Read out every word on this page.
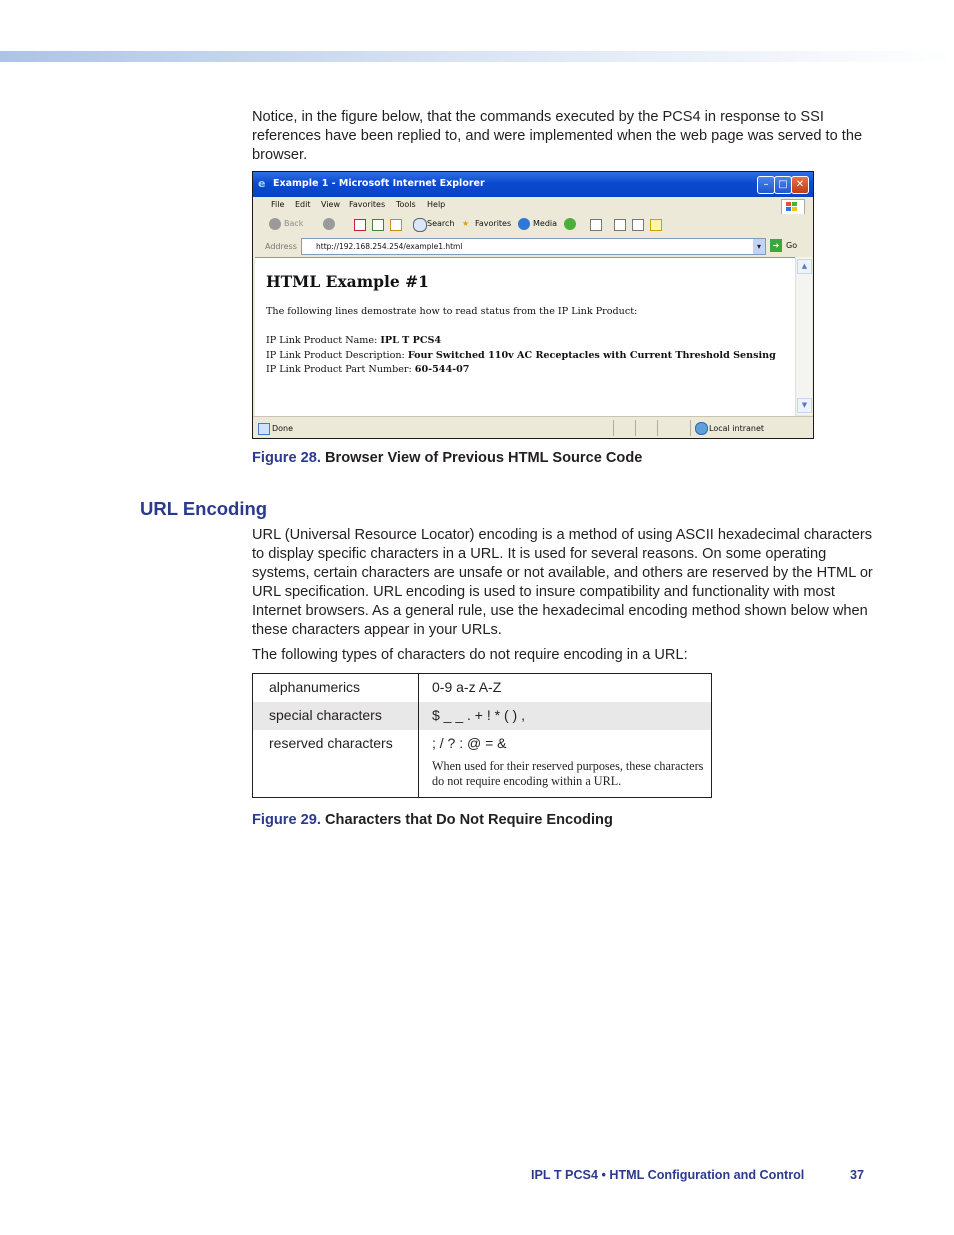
Notice, in the figure below, that the commands executed by the PCS4 in response to SSI references have been replied to, and were implemented when the web page was served to the browser.

e Example 1 - Microsoft Internet Explorer	– □ ✕
File Edit View Favorites Tools Help
Back	Search ★ Favorites	Media
Address	http://192.168.254.254/example1.html	▾	➜ Go
HTML Example #1
The following lines demostrate how to read status from the IP Link Product:
IP Link Product Name: IPL T PCS4
IP Link Product Description: Four Switched 110v AC Receptacles with Current Threshold Sensing
IP Link Product Part Number: 60-544-07
▲
▼
Done	Local intranet
Figure 28. Browser View of Previous HTML Source Code
URL Encoding

URL (Universal Resource Locator) encoding is a method of using ASCII hexadecimal characters to display specific characters in a URL. It is used for several reasons. On some operating systems, certain characters are unsafe or not available, and others are reserved by the HTML or URL specification. URL encoding is used to insure compatibility and functionality with most Internet browsers. As a general rule, use the hexadecimal encoding method shown below when these characters appear in your URLs.

The following types of characters do not require encoding in a URL:

alphanumerics	0-9 a-z A-Z
special characters	$ _ _ . + ! * ( ) ,
reserved characters	; / ? : @ = &
When used for their reserved purposes, these characters do not require encoding within a URL.
Figure 29. Characters that Do Not Require Encoding
IPL T PCS4 • HTML Configuration and Control	37
